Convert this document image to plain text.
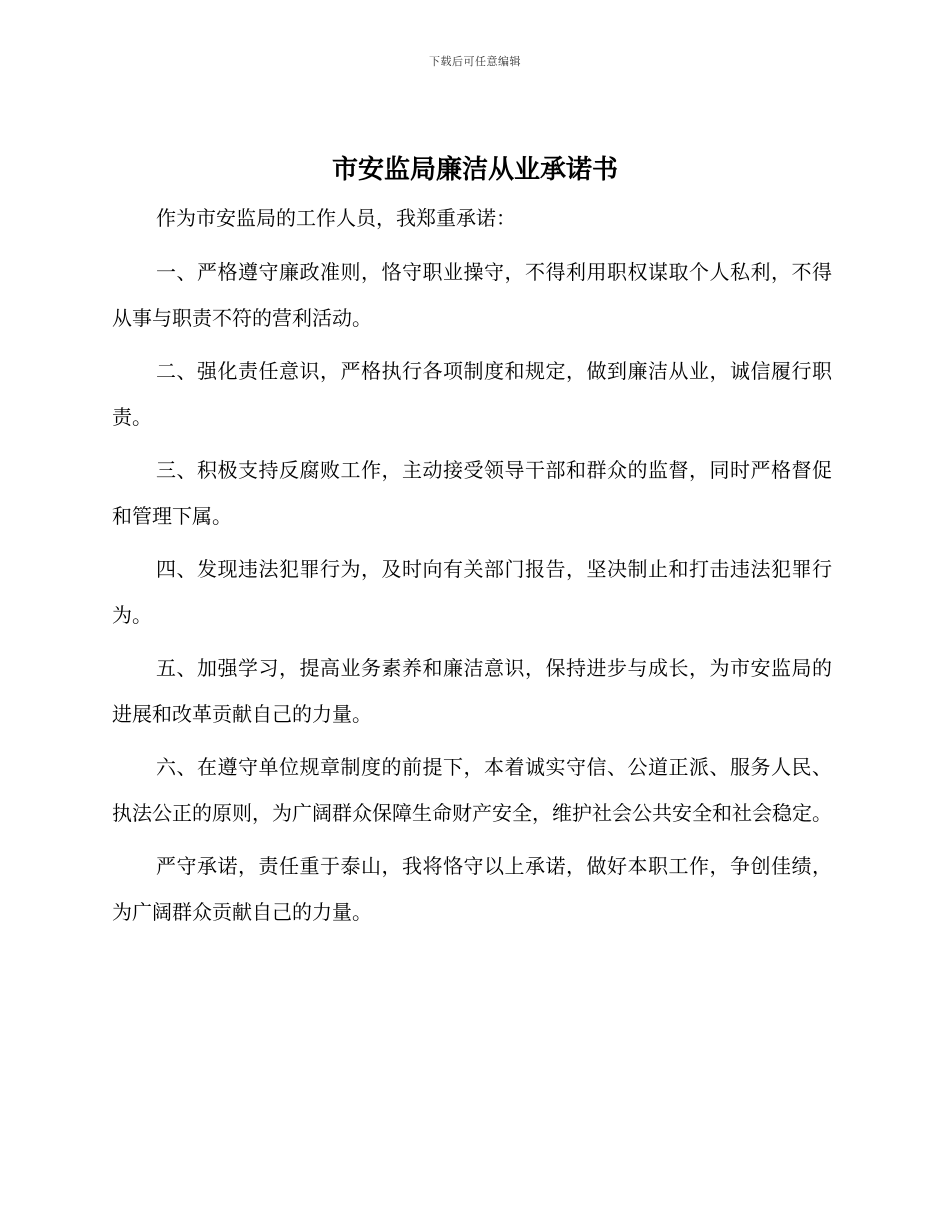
下载后可任意编辑
市安监局廉洁从业承诺书

作为市安监局的工作人员，我郑重承诺：

一、严格遵守廉政准则，恪守职业操守，不得利用职权谋取个人私利，不得从事与职责不符的营利活动。

二、强化责任意识，严格执行各项制度和规定，做到廉洁从业，诚信履行职责。

三、积极支持反腐败工作，主动接受领导干部和群众的监督，同时严格督促和管理下属。

四、发现违法犯罪行为，及时向有关部门报告，坚决制止和打击违法犯罪行为。

五、加强学习，提高业务素养和廉洁意识，保持进步与成长，为市安监局的进展和改革贡献自己的力量。

六、在遵守单位规章制度的前提下，本着诚实守信、公道正派、服务人民、执法公正的原则，为广阔群众保障生命财产安全，维护社会公共安全和社会稳定。

严守承诺，责任重于泰山，我将恪守以上承诺，做好本职工作，争创佳绩，为广阔群众贡献自己的力量。
